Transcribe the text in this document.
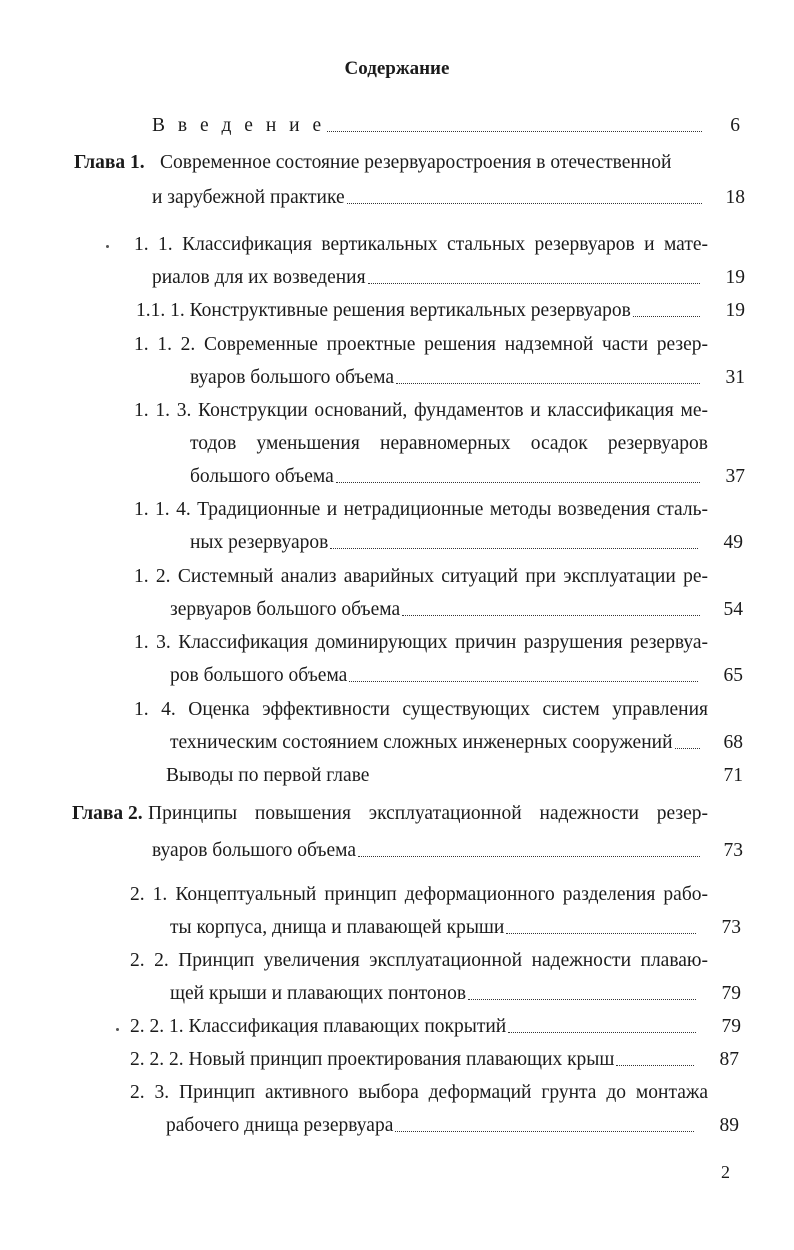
Содержание
В в е д е н и е	6
Глава 1. Современное состояние резервуаростроения в отечественной
и зарубежной практике	18
1. 1. Классификация вертикальных стальных резервуаров и мате-
риалов для их возведения	19
1.1. 1. Конструктивные решения вертикальных резервуаров	19
1. 1. 2. Современные проектные решения надземной части резер-
вуаров большого объема	31
1. 1. 3. Конструкции оснований, фундаментов и классификация ме-
тодов уменьшения неравномерных осадок резервуаров
большого объема	37
1. 1. 4. Традиционные и нетрадиционные методы возведения сталь-
ных резервуаров	49
1. 2. Системный анализ аварийных ситуаций при эксплуатации ре-
зервуаров большого объема	54
1. 3. Классификация доминирующих причин разрушения резервуа-
ров большого объема	65
1. 4. Оценка эффективности существующих систем управления
техническим состоянием сложных инженерных сооружений	68
Выводы по первой главе	71
Глава 2. Принципы повышения эксплуатационной надежности резер-
вуаров большого объема	73
2. 1. Концептуальный принцип деформационного разделения рабо-
ты корпуса, днища и плавающей крыши	73
2. 2. Принцип увеличения эксплуатационной надежности плаваю-
щей крыши и плавающих понтонов	79
2. 2. 1. Классификация плавающих покрытий	79
2. 2. 2. Новый принцип проектирования плавающих крыш	87
2. 3. Принцип активного выбора деформаций грунта до монтажа
рабочего днища резервуара	89
2
